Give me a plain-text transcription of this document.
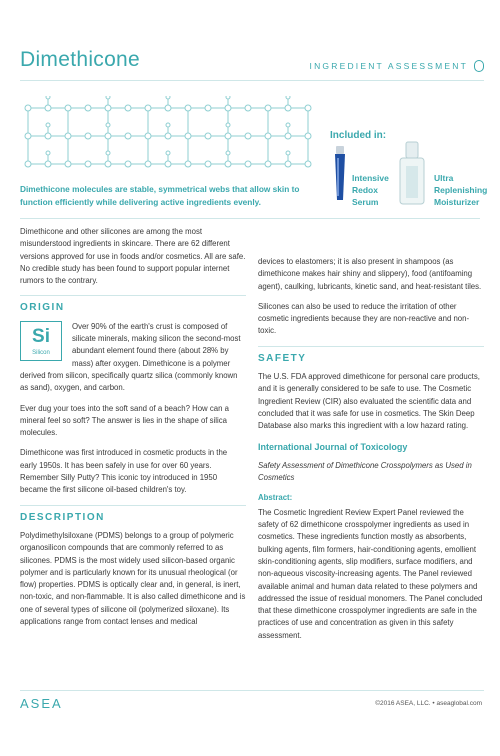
Dimethicone	INGREDIENT ASSESSMENT
Included in:
Intensive
Redox
Serum
Ultra
Replenishing
Moisturizer
Dimethicone molecules are stable, symmetrical webs that allow skin to function efficiently while delivering active ingredients evenly.

Dimethicone and other silicones are among the most misunderstood ingredients in skincare. There are 62 different versions approved for use in foods and/or cosmetics. All are safe. No credible study has been found to support popular internet rumors to the contrary.

ORIGIN
Si
Silicon

Over 90% of the earth's crust is composed of silicate minerals, making silicon the second-most abundant element found there (about 28% by mass) after oxygen. Dimethicone is a polymer derived from silicon, specifically quartz silica (commonly known as sand), oxygen, and carbon.

Ever dug your toes into the soft sand of a beach? How can a mineral feel so soft? The answer is lies in the shape of silica molecules.

Dimethicone was first introduced in cosmetic products in the early 1950s. It has been safely in use for over 60 years. Remember Silly Putty? This iconic toy introduced in 1950 became the first silicone oil-based children's toy.

DESCRIPTION

Polydimethylsiloxane (PDMS) belongs to a group of polymeric organosilicon compounds that are commonly referred to as silicones. PDMS is the most widely used silicon-based organic polymer and is particularly known for its unusual rheological (or flow) properties. PDMS is optically clear and, in general, is inert, non-toxic, and non-flammable. It is also called dimethicone and is one of several types of silicone oil (polymerized siloxane). Its applications range from contact lenses and medical

devices to elastomers; it is also present in shampoos (as dimethicone makes hair shiny and slippery), food (antifoaming agent), caulking, lubricants, kinetic sand, and heat-resistant tiles.

Silicones can also be used to reduce the irritation of other cosmetic ingredients because they are non-reactive and non-toxic.

SAFETY

The U.S. FDA approved dimethicone for personal care products, and it is generally considered to be safe to use. The Cosmetic Ingredient Review (CIR) also evaluated the scientific data and concluded that it was safe for use in cosmetics. The Skin Deep Database also marks this ingredient with a low hazard rating.

International Journal of Toxicology

Safety Assessment of Dimethicone Crosspolymers as Used in Cosmetics

Abstract:

The Cosmetic Ingredient Review Expert Panel reviewed the safety of 62 dimethicone crosspolymer ingredients as used in cosmetics. These ingredients function mostly as absorbents, bulking agents, film formers, hair-conditioning agents, emollient skin-conditioning agents, slip modifiers, surface modifiers, and non-aqueous viscosity-increasing agents. The Panel reviewed available animal and human data related to these polymers and addressed the issue of residual monomers. The Panel concluded that these dimethicone crosspolymer ingredients are safe in the practices of use and concentration as given in this safety assessment.

ASEA	©2016 ASEA, LLC. • aseaglobal.com
